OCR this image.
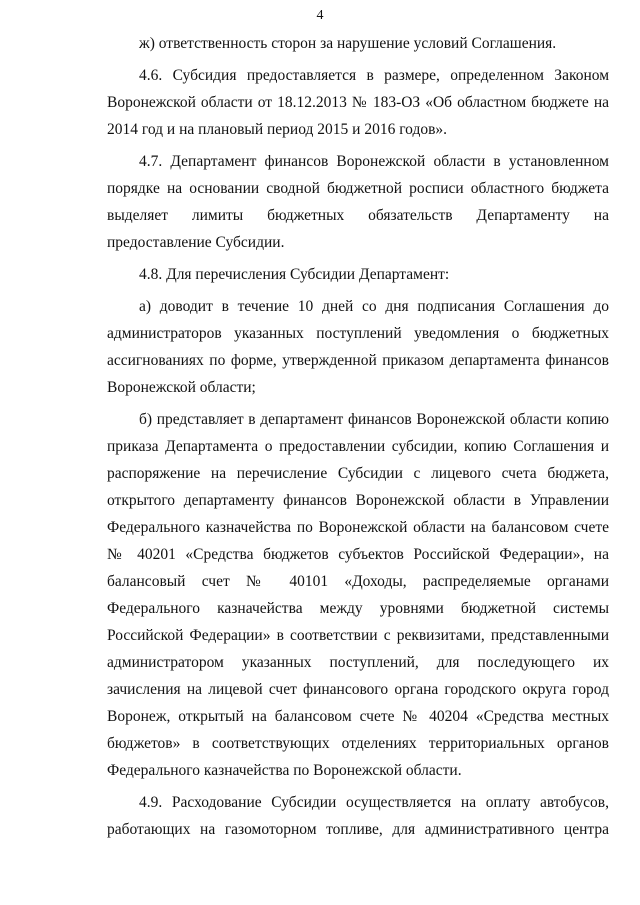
4

ж) ответственность сторон за нарушение условий Соглашения.

4.6. Субсидия предоставляется в размере, определенном Законом Воронежской области от 18.12.2013 № 183-ОЗ «Об областном бюджете на 2014 год и на плановый период 2015 и 2016 годов».

4.7. Департамент финансов Воронежской области в установленном порядке на основании сводной бюджетной росписи областного бюджета выделяет лимиты бюджетных обязательств Департаменту на предоставление Субсидии.

4.8. Для перечисления Субсидии Департамент:

а) доводит в течение 10 дней со дня подписания Соглашения до администраторов указанных поступлений уведомления о бюджетных ассигнованиях по форме, утвержденной приказом департамента финансов Воронежской области;

б) представляет в департамент финансов Воронежской области копию приказа Департамента о предоставлении субсидии, копию Соглашения и распоряжение на перечисление Субсидии с лицевого счета бюджета, открытого департаменту финансов Воронежской области в Управлении Федерального казначейства по Воронежской области на балансовом счете № 40201 «Средства бюджетов субъектов Российской Федерации», на балансовый счет № 40101 «Доходы, распределяемые органами Федерального казначейства между уровнями бюджетной системы Российской Федерации» в соответствии с реквизитами, представленными администратором указанных поступлений, для последующего их зачисления на лицевой счет финансового органа городского округа город Воронеж, открытый на балансовом счете № 40204 «Средства местных бюджетов» в соответствующих отделениях территориальных органов Федерального казначейства по Воронежской области.

4.9. Расходование Субсидии осуществляется на оплату автобусов, работающих на газомоторном топливе, для административного центра
